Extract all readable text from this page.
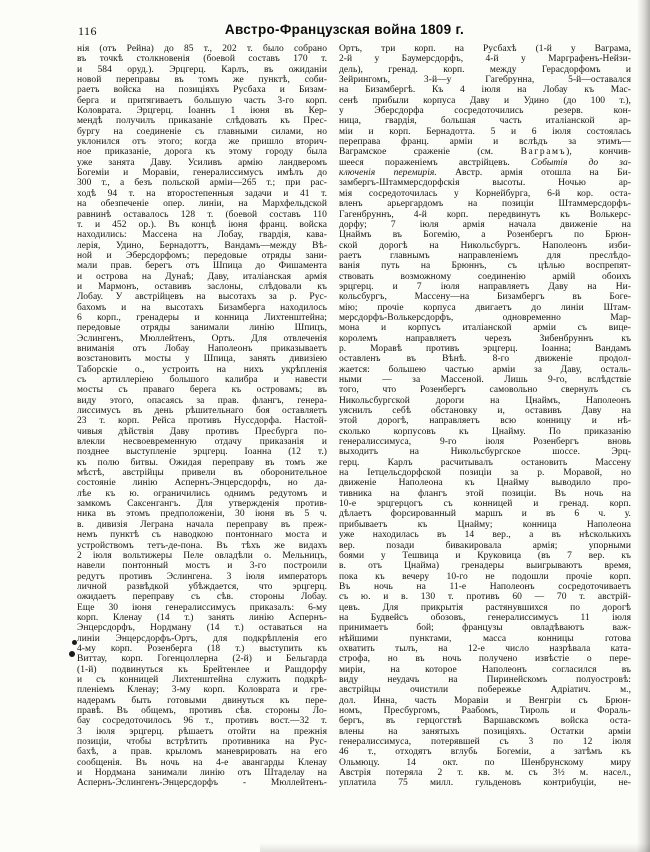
116	Австро-Французская война 1809 г.
нія (отъ Рейна) до 85 т., 202 т. было собрано
въ точкѣ столкновенія (боевой составъ 170 т.
и 584 оруд.). Эрцгерц. Карлъ, въ ожиданіи
новой переправы въ томъ же пунктѣ, соби-
раетъ войска на позиціяхъ Русбаха и Бизам-
берга и притягиваетъ большую часть 3-го корп.
Коловрата. Эрцгерц. Іоаннъ 1 іюня въ Кер-
мендѣ получилъ приказаніе слѣдовать къ Прес-
бургу на соединеніе съ главными силами, но
уклонился отъ этого; когда же пришло вторич-
ное приказаніе, дорога къ этому городу была
уже занята Даву. Усиливъ армію ландверомъ
Богеміи и Моравіи, генералиссимусъ имѣлъ до
300 т., а безъ польской арміи—265 т.; при рас-
ходѣ 94 т. на второстепенныя задачи и 41 т.
на обезпеченіе опер. линіи, на Мархфельдской
равнинѣ оставалось 128 т. (боевой составъ 110
т. и 452 ор.). Въ концѣ іюня франц. войска
находились: Массена на Лобау, гвардія, кава-
лерія, Удино, Бернадоттъ, Вандамъ—между Вѣ-
ной и Эберсдорфомъ; передовые отряды зани-
мали прав. берегъ отъ Шпица до Фишамента
и острова на Дунаѣ; Даву, италіанская армія
и Мармонъ, оставивъ заслоны, слѣдовали къ
Лобау. У австрійцевъ на высотахъ за р. Рус-
бахомъ и на высотахъ Бизамберга находилось
6 корп., гренадеры и конница Лихтенштейна;
передовые отряды занимали линію Шпицъ,
Эслингенъ, Мюллейтенъ, Ортъ. Для отвлеченія
вниманія отъ Лобау Наполеонъ приказываетъ
возстановить мосты у Шпица, занять дивизіею
Таборскіе о., устроить на нихъ укрѣпленія
съ артиллеріею большого калибра и навести
мосты съ праваго берега къ островамъ; въ
виду этого, опасаясь за прав. флангъ, генера-
лиссимусъ въ день рѣшительнаго боя оставляетъ
23 т. корп. Рейса противъ Нуссдорфа. Настой-
чивыя дѣйствія Даву противъ Пресбурга по-
влекли несвоевременную отдачу приказанія и
позднее выступленіе эрцгерц. Іоанна (12 т.)
къ полю битвы. Ожидая переправу въ томъ же
мѣстѣ, австрійцы привели въ оборонительное
состояніе линію Аспернъ-Энцерсдорфъ, но да-
лѣе къ ю. ограничились однимъ редутомъ и
замкомъ Саксенгангъ. Для утвержденія против-
ника въ этомъ предположеніи, 30 іюня въ 5 ч.
в. дивизія Леграна начала переправу въ преж-
немъ пунктѣ съ наводкою понтоннаго моста и
устройствомъ тетъ-де-пона. Въ тѣхъ же видахъ
2 іюля вольтижеры Пеле овладѣли о. Мельницъ,
навели понтонный мостъ и 3-го построили
редутъ противъ Эслингена. 3 іюля императоръ
личной развѣдкой убѣждается, что эрцгерц.
ожидаетъ переправу съ сѣв. стороны Лобау.
Еще 30 іюня генералиссимусъ приказалъ: 6-му
корп. Кленау (14 т.) занять линію Аспернъ-
Энцерсдорфъ, Нордману (14 т.) оставаться на
линіи Энцерсдорфъ-Ортъ, для подкрѣпленія его
4-му корп. Розенберга (18 т.) выступить къ
Виттау, корп. Гогенцоллерна (2-й) и Бельгарда
(1-й) подвинуться къ Брейтенлее и Рашдорфу
и съ конницей Лихтенштейна служить подкрѣ-
пленіемъ Кленау; 3-му корп. Коловрата и гре-
надерамъ быть готовыми двинуться къ пере-
правѣ. Въ общемъ, противъ сѣв. стороны Ло-
бау сосредоточилось 96 т., противъ вост.—32 т.
3 іюля эрцгерц. рѣшаетъ отойти на прежнія
позиціи, чтобы встрѣтить противника на Рус-
бахѣ, а прав. крыломъ маневрировать на его
сообщенія. Въ ночь на 4-е авангарды Кленау
и Нордмана занимали линію отъ Штаделау на
Аспернъ-Эслингенъ-Энцерсдорфъ - Мюллейтенъ-
Ортъ, три корп. на Русбахѣ (1-й у Ваграма,
2-й у Баумерсдорфъ, 4-й у Марграфенъ-Нейзи-
дель), гренад. корп. между Герасдорфомъ и
Зейрингомъ, 3-й—у Гагебрунна, 5-й—оставался
на Бизамбергѣ. Къ 4 іюля на Лобау къ Мас-
сенѣ прибыли корпуса Даву и Удино (до 100 т.),
у Эберсдорфа сосредоточились резерв. кон-
ница, гвардія, большая часть италіанской ар-
міи и корп. Бернадотта. 5 и 6 іюля состоялась
переправа франц. арміи и вслѣдъ за этимъ—
Ваграмское сраженіе (см. Ваграмъ), кончив-
шееся пораженіемъ австрійцевъ. Событія до за-
ключенія перемирія. Австр. армія отошла на Би-
замбергъ-Штаммерсдорфскія высоты. Ночью ар-
мія сосредоточилась у Корнейбурга, 6-й кор. оста-
вленъ арьергардомъ на позиціи Штаммерсдорфъ-
Гагенбруннъ, 4-й корп. передвинутъ къ Волькерс-
дорфу; 7 іюля армія начала движеніе на
Цнаймъ въ Богемію, а Розенбергъ по Брюн-
ской дорогѣ на Никольсбургъ. Наполеонъ изби-
раетъ главнымъ направленіемъ для преслѣдо-
ванія путь на Брюннъ, съ цѣлью воспрепят-
ствовать возможному соединенію армій обоихъ
эрцгерц. и 7 іюля направляетъ Даву на Ни-
кольсбургъ, Массену—на Бизамбергъ въ Боге-
мію; прочіе корпуса двигаетъ до линіи Штам-
мерсдорфъ-Волькерсдорфъ, одновременно Мар-
мона и корпусъ италіанской арміи съ вице-
королемъ направляетъ черезъ Зибенбруннъ къ
р. Моравѣ противъ эрцгерц. Іоанна; Вандамъ
оставленъ въ Вѣнѣ. 8-го движеніе продол-
жается: большею частью арміи за Даву, осталь-
ными — за Массеной. Лишь 9-го, вслѣдствіе
того, что Розенбергъ самовольно свернулъ съ
Никольсбургской дороги на Цнаймъ, Наполеонъ
уяснилъ себѣ обстановку и, оставивъ Даву на
этой дорогѣ, направляетъ всю конницу и нѣ-
сколько корпусовъ къ Цнайму. По приказанію
генералиссимуса, 9-го іюля Розенбергъ вновь
выходитъ на Никольсбургское шоссе. Эрц-
герц. Карлъ расчитывалъ остановить Массену
на Іетцельсдорфской позиціи за р. Моравой, но
движеніе Наполеона къ Цнайму выводило про-
тивника на флангъ этой позиціи. Въ ночь на
10-е эрцгерцогъ съ конницей и гренад. корп.
дѣлаетъ форсированный маршъ и въ 6 ч. у.
прибываетъ къ Цнайму; конница Наполеона
уже находилась въ 14 вер., а въ нѣсколькихъ
вер. позади бивакировала армія; упорными
боями у Тешвица и Круковица (въ 7 вер. къ
в. отъ Цнайма) гренадеры выигрываютъ время,
пока къ вечеру 10-го не подошли прочіе корп.
Въ ночь на 11-е Наполеонъ сосредоточиваетъ
съ ю. и в. 130 т. противъ 60 — 70 т. австрій-
цевъ. Для прикрытія растянувшихся по дорогѣ
на Будвейсъ обозовъ, генералиссимусъ 11 іюля
принимаетъ бой; французы овладѣваютъ важ-
нѣйшими пунктами, масса конницы готова
охватить тылъ, на 12-е число назрѣвала ката-
строфа, но въ ночь получено извѣстіе о пере-
миріи, на которое Наполеонъ согласился въ
виду неудачъ на Пиринейскомъ полуостровѣ:
австрійцы очистили побережье Адріатич. м.,
дол. Инна, часть Моравіи и Венгріи съ Брюн-
номъ, Пресбургомъ, Раабомъ, Тироль и Фораль-
бергъ, въ герцогствѣ Варшавскомъ войска оста-
влены на занятыхъ позиціяхъ. Остатки арміи
генералиссимуса, потерявшей съ 3 по 12 іюля
46 т., отходятъ вглубь Богеміи, а затѣмъ къ
Ольмюцу. 14 окт. по Шенбрунскому миру
Австрія потеряла 2 т. кв. м. съ 3½ м. насел.,
уплатила 75 милл. гульденовъ контрибуціи, не-
